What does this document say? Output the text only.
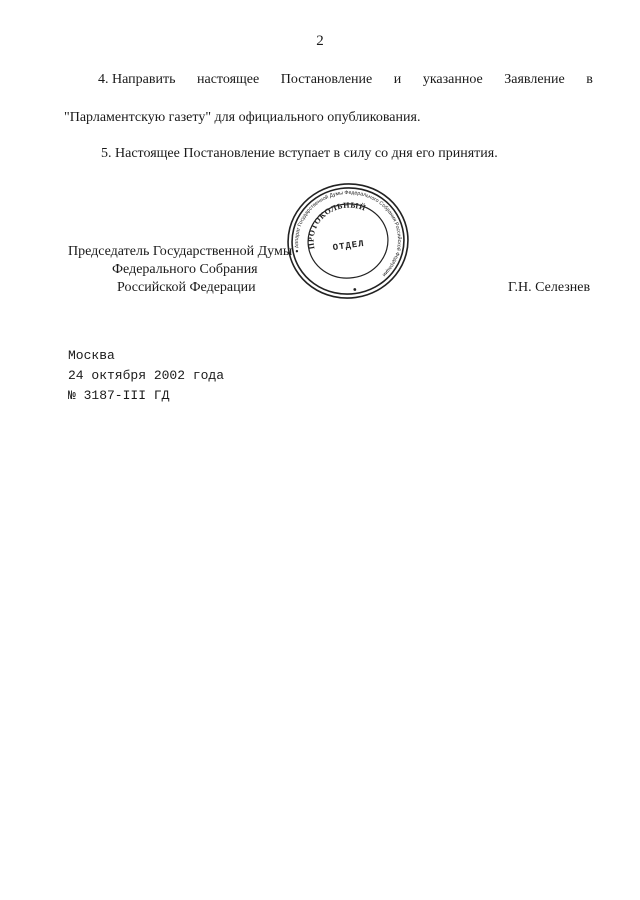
2
4. Направить настоящее Постановление и указанное Заявление в
"Парламентскую газету" для официального опубликования.
5. Настоящее Постановление вступает в силу со дня его принятия.
Председатель Государственной Думы
Федерального Собрания
Российской Федерации	Г.Н. Селезнев
Аппарат Государственной Думы Федерального Собрания Российской Федерации
ПРОТОКОЛЬНЫЙ
ОТДЕЛ
Москва
24 октября 2002 года
№ 3187-III ГД
